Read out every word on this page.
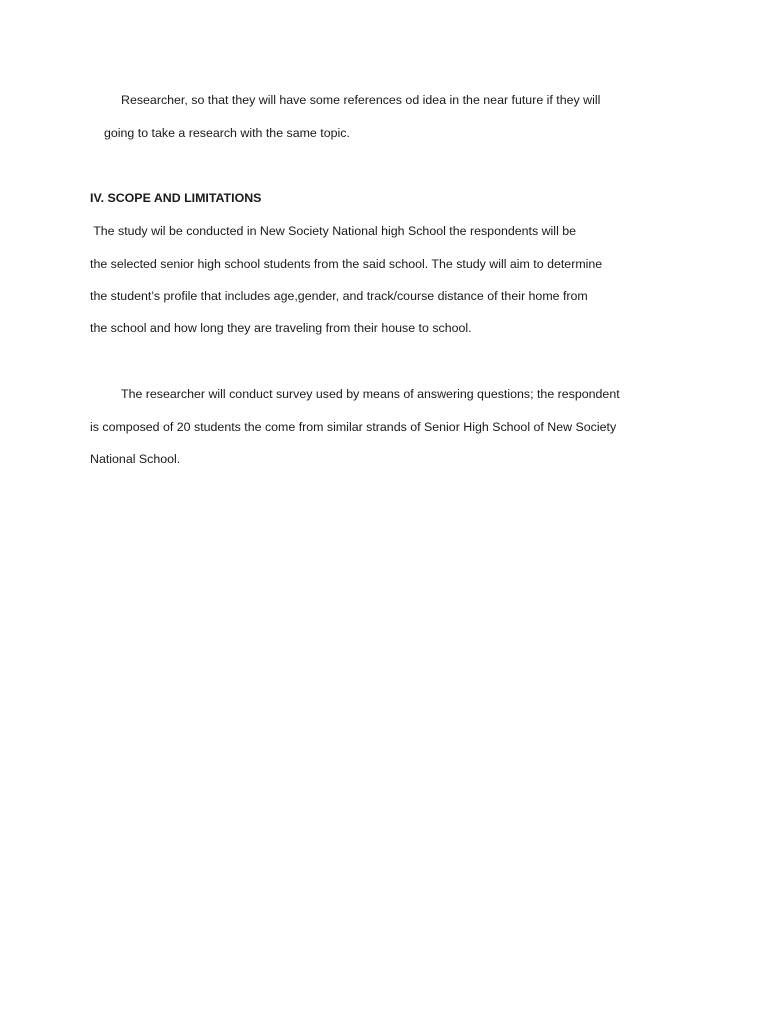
Researcher, so that they will have some references od idea in the near future if they will
going to take a research with the same topic.
IV. SCOPE AND LIMITATIONS
The study wil be conducted in New Society National high School the respondents will be
the selected senior high school students from the said school. The study will aim to determine
the student’s profile that includes age,gender, and track/course distance of their home from
the school and how long they are traveling from their house to school.
The researcher will conduct survey used by means of answering questions; the respondent
is composed of 20 students the come from similar strands of Senior High School of New Society
National School.
